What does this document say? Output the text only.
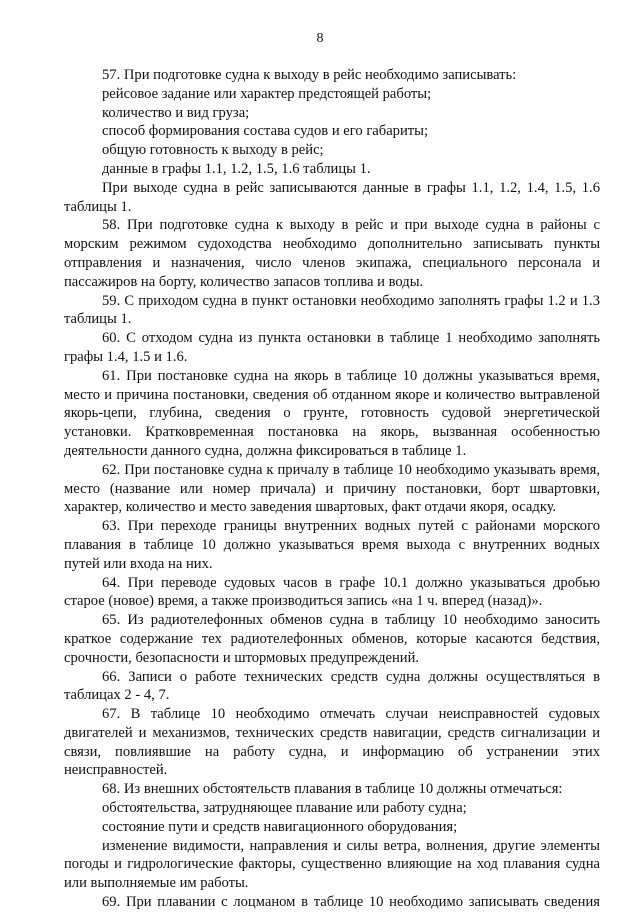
8
57. При подготовке судна к выходу в рейс необходимо записывать:
рейсовое задание или характер предстоящей работы;
количество и вид груза;
способ формирования состава судов и его габариты;
общую готовность к выходу в рейс;
данные в графы 1.1, 1.2, 1.5, 1.6 таблицы 1.
При выходе судна в рейс записываются данные в графы 1.1, 1.2, 1.4, 1.5, 1.6
таблицы 1.
58. При подготовке судна к выходу в рейс и при выходе судна в районы с
морским режимом судоходства необходимо дополнительно записывать пункты
отправления и назначения, число членов экипажа, специального персонала и
пассажиров на борту, количество запасов топлива и воды.
59. С приходом судна в пункт остановки необходимо заполнять графы 1.2 и 1.3
таблицы 1.
60. С отходом судна из пункта остановки в таблице 1 необходимо заполнять
графы 1.4, 1.5 и 1.6.
61. При постановке судна на якорь в таблице 10 должны указываться время,
место и причина постановки, сведения об отданном якоре и количество вытравленой
якорь-цепи, глубина, сведения о грунте, готовность судовой энергетической
установки. Кратковременная постановка на якорь, вызванная особенностью
деятельности данного судна, должна фиксироваться в таблице 1.
62. При постановке судна к причалу в таблице 10 необходимо указывать время,
место (название или номер причала) и причину постановки, борт швартовки,
характер, количество и место заведения швартовых, факт отдачи якоря, осадку.
63. При переходе границы внутренних водных путей с районами морского
плавания в таблице 10 должно указываться время выхода с внутренних водных
путей или входа на них.
64. При переводе судовых часов в графе 10.1 должно указываться дробью
старое (новое) время, а также производиться запись «на 1 ч. вперед (назад)».
65. Из радиотелефонных обменов судна в таблицу 10 необходимо заносить
краткое содержание тех радиотелефонных обменов, которые касаются бедствия,
срочности, безопасности и штормовых предупреждений.
66. Записи о работе технических средств судна должны осуществляться в
таблицах 2 - 4, 7.
67. В таблице 10 необходимо отмечать случаи неисправностей судовых
двигателей и механизмов, технических средств навигации, средств сигнализации и
связи, повлиявшие на работу судна, и информацию об устранении этих
неисправностей.
68. Из внешних обстоятельств плавания в таблице 10 должны отмечаться:
обстоятельства, затрудняющее плавание или работу судна;
состояние пути и средств навигационного оборудования;
изменение видимости, направления и силы ветра, волнения, другие элементы
погоды и гидрологические факторы, существенно влияющие на ход плавания судна
или выполняемые им работы.
69. При плавании с лоцманом в таблице 10 необходимо записывать сведения
